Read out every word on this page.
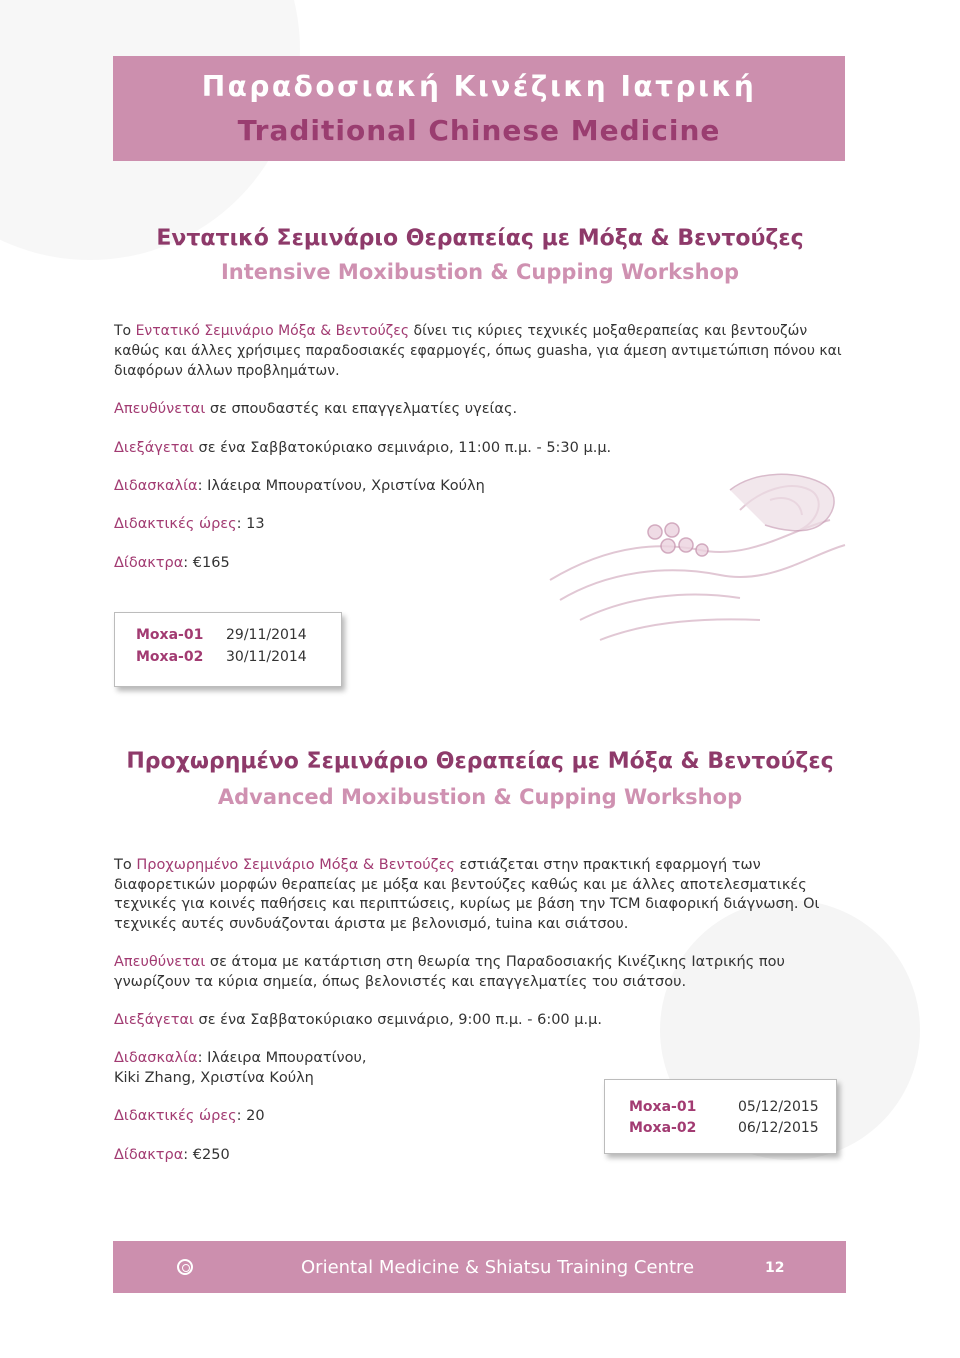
Παραδοσιακή Κινέζικη Ιατρική
Traditional Chinese Medicine
Εντατικό Σεμινάριο Θεραπείας με Μόξα & Βεντούζες
Intensive Moxibustion & Cupping Workshop
Το Εντατικό Σεμινάριο Μόξα & Βεντούζες δίνει τις κύριες τεχνικές μοξαθεραπείας και βεντουζών καθώς και άλλες χρήσιμες παραδοσιακές εφαρμογές, όπως guasha, για άμεση αντιμετώπιση πόνου και διαφόρων άλλων προβλημάτων.
Απευθύνεται σε σπουδαστές και επαγγελματίες υγείας.
Διεξάγεται σε ένα Σαββατοκύριακο σεμινάριο, 11:00 π.μ. - 5:30 μ.μ.
Διδασκαλία: Ιλάειρα Μπουρατίνου, Χριστίνα Κούλη
Διδακτικές ώρες: 13
Δίδακτρα: €165
Moxa-01 29/11/2014
Moxa-02 30/11/2014
Προχωρημένο Σεμινάριο Θεραπείας με Μόξα & Βεντούζες
Advanced Moxibustion & Cupping Workshop
Το Προχωρημένο Σεμινάριο Μόξα & Βεντούζες εστιάζεται στην πρακτική εφαρμογή των διαφορετικών μορφών θεραπείας με μόξα και βεντούζες καθώς και με άλλες αποτελεσματικές τεχνικές για κοινές παθήσεις και περιπτώσεις, κυρίως με βάση την TCM διαφορική διάγνωση. Οι τεχνικές αυτές συνδυάζονται άριστα με βελονισμό, tuina και σιάτσου.
Απευθύνεται σε άτομα με κατάρτιση στη θεωρία της Παραδοσιακής Κινέζικης Ιατρικής που γνωρίζουν τα κύρια σημεία, όπως βελονιστές και επαγγελματίες του σιάτσου.
Διεξάγεται σε ένα Σαββατοκύριακο σεμινάριο, 9:00 π.μ. - 6:00 μ.μ.
Διδασκαλία: Ιλάειρα Μπουρατίνου,
Kiki Zhang, Χριστίνα Κούλη
Διδακτικές ώρες: 20
Δίδακτρα: €250
Moxa-01	05/12/2015
Moxa-02	06/12/2015
Oriental Medicine & Shiatsu Training Centre	12
